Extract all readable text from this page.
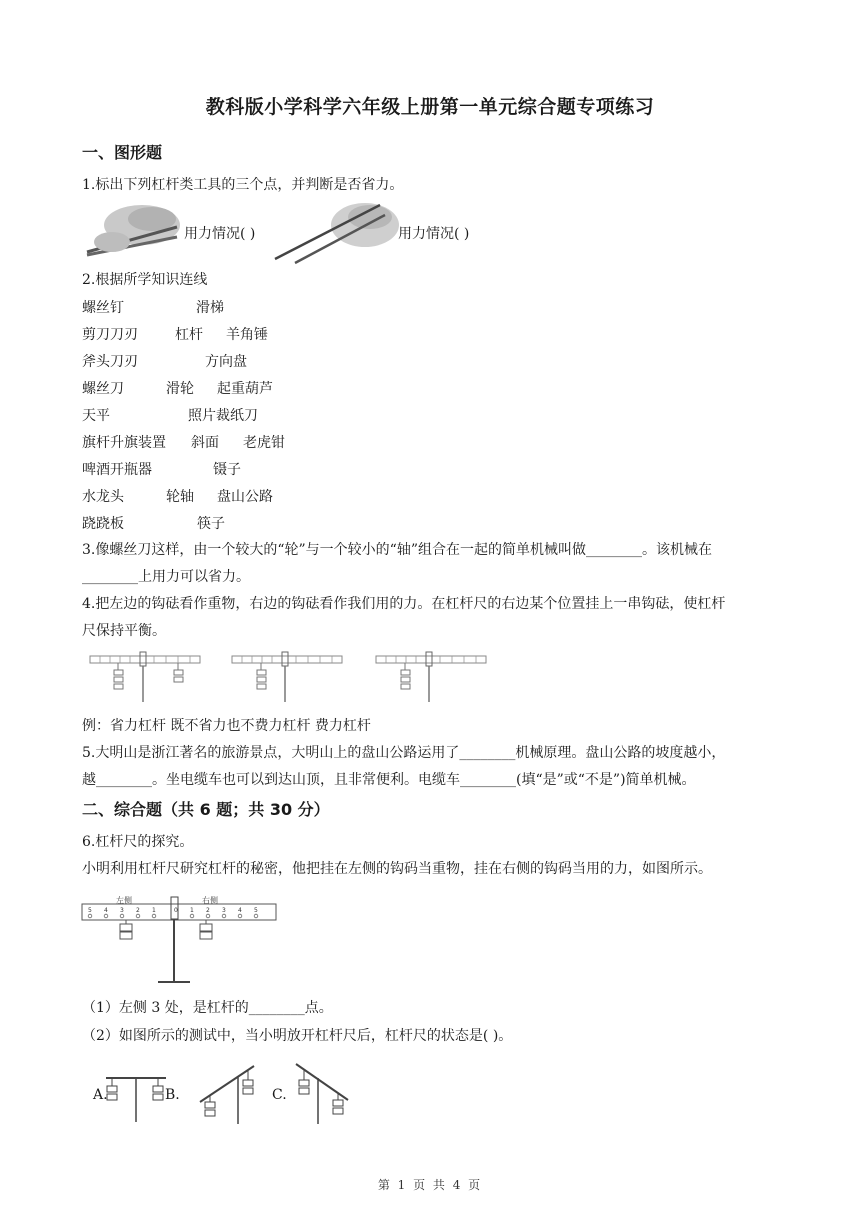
教科版小学科学六年级上册第一单元综合题专项练习
一、图形题
1.标出下列杠杆类工具的三个点，并判断是否省力。
用力情况( )	用力情况( )
2.根据所学知识连线
螺丝钉	滑梯
剪刀刀刃	杠杆 羊角锤
斧头刀刃	方向盘
螺丝刀	滑轮 起重葫芦
天平	照片裁纸刀
旗杆升旗装置 斜面 老虎钳
啤酒开瓶器	镊子
水龙头	轮轴 盘山公路
跷跷板	筷子
3.像螺丝刀这样，由一个较大的“轮”与一个较小的“轴”组合在一起的简单机械叫做________。该机械在
________上用力可以省力。
4.把左边的钩砝看作重物，右边的钩砝看作我们用的力。在杠杆尺的右边某个位置挂上一串钩砝，使杠杆
尺保持平衡。
例：省力杠杆 既不省力也不费力杠杆 费力杠杆
5.大明山是浙江著名的旅游景点，大明山上的盘山公路运用了________机械原理。盘山公路的坡度越小，
越________。坐电缆车也可以到达山顶，且非常便利。电缆车________(填“是”或“不是”)简单机械。
二、综合题（共 6 题；共 30 分）
6.杠杆尺的探究。
小明利用杠杆尺研究杠杆的秘密，他把挂在左侧的钩码当重物，挂在右侧的钩码当用的力，如图所示。
左侧	右侧
5 4 3 2 1	0 1 2 3 4 5
（1）左侧 3 处，是杠杆的________点。
（2）如图所示的测试中，当小明放开杠杆尺后，杠杆尺的状态是( )。
A.	B.	C.
第 1 页 共 4 页
